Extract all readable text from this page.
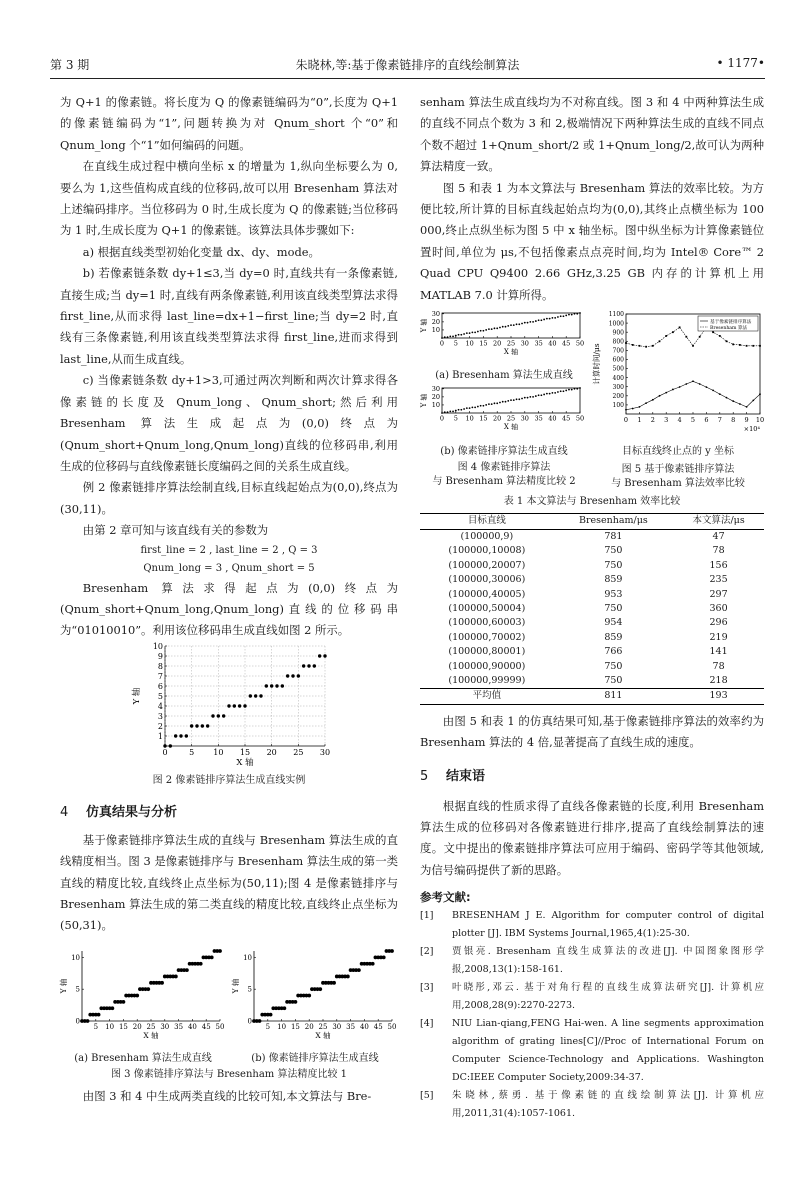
第 3 期	朱晓林,等:基于像素链排序的直线绘制算法	• 1177•

为 Q+1 的像素链。将长度为 Q 的像素链编码为“0”,长度为 Q+1 的像素链编码为“1”,问题转换为对 Qnum_short 个“0”和 Qnum_long 个“1”如何编码的问题。

在直线生成过程中横向坐标 x 的增量为 1,纵向坐标要么为 0,要么为 1,这些值构成直线的位移码,故可以用 Bresenham 算法对上述编码排序。当位移码为 0 时,生成长度为 Q 的像素链;当位移码为 1 时,生成长度为 Q+1 的像素链。该算法具体步骤如下:

a) 根据直线类型初始化变量 dx、dy、mode。

b) 若像素链条数 dy+1≤3,当 dy=0 时,直线共有一条像素链,直接生成;当 dy=1 时,直线有两条像素链,利用该直线类型算法求得 first_line,从而求得 last_line=dx+1−first_line;当 dy=2 时,直线有三条像素链,利用该直线类型算法求得 first_line,进而求得到 last_line,从而生成直线。

c) 当像素链条数 dy+1>3,可通过两次判断和两次计算求得各像素链的长度及 Qnum_long、Qnum_short;然后利用 Bresenham 算法生成起点为(0,0)终点为(Qnum_short+Qnum_long,Qnum_long)直线的位移码串,利用生成的位移码与直线像素链长度编码之间的关系生成直线。

例 2 像素链排序算法绘制直线,目标直线起始点为(0,0),终点为(30,11)。

由第 2 章可知与该直线有关的参数为

first_line = 2 , last_line = 2 , Q = 3

Qnum_long = 3 , Qnum_short = 5

Bresenham 算法求得起点为(0,0)终点为(Qnum_short+Qnum_long,Qnum_long)直线的位移码串为“01010010”。利用该位移码串生成直线如图 2 所示。

0	5 10 15 20 25 30
1
2
3
4
5
6
7
8
9
10
X 轴
Y 轴
图 2 像素链排序算法生成直线实例
4 仿真结果与分析

基于像素链排序算法生成的直线与 Bresenham 算法生成的直线精度相当。图 3 是像素链排序与 Bresenham 算法生成的第一类直线的精度比较,直线终止点坐标为(50,11);图 4 是像素链排序与 Bresenham 算法生成的第二类直线的精度比较,直线终止点坐标为(50,31)。

5 10 15 20 25 30 35 40 45 50
0
5
10
X 轴
Y 轴
(a) Bresenham 算法生成直线
5 10 15 20 25 30 35 40 45 50
0
5
10
X 轴
Y 轴
(b) 像素链排序算法生成直线
图 3 像素链排序算法与 Bresenham 算法精度比较 1

由图 3 和 4 中生成两类直线的比较可知,本文算法与 Bre-

senham 算法生成直线均为不对称直线。图 3 和 4 中两种算法生成的直线不同点个数为 3 和 2,极端情况下两种算法生成的直线不同点个数不超过 1+Qnum_short/2 或 1+Qnum_long/2,故可认为两种算法精度一致。

图 5 和表 1 为本文算法与 Bresenham 算法的效率比较。为方便比较,所计算的目标直线起始点均为(0,0),其终止点横坐标为 100 000,终止点纵坐标为图 5 中 x 轴坐标。图中纵坐标为计算像素链位置时间,单位为 μs,不包括像素点点亮时间,均为 Intel® Core™ 2 Quad CPU Q9400 2.66 GHz,3.25 GB 内存的计算机上用 MATLAB 7.0 计算所得。

0 5 10 15 20 25 30 35 40 45 50
10
20
30
X 轴
Y 轴
(a) Bresenham 算法生成直线
0 5 10 15 20 25 30 35 40 45 50
10
20
30
X 轴
Y 轴
(b) 像素链排序算法生成直线
图 4 像素链排序算法
与 Bresenham 算法精度比较 2
0 1 2 3 4 5 6 7 8 9 10
×10⁴
100
200
300
400
500
600
700
800
900
1000
1100
计算时间/μs
基于像素链排序算法
Bresenham 算法
目标直线终止点的 y 坐标
图 5 基于像素链排序算法
与 Bresenham 算法效率比较
表 1 本文算法与 Bresenham 效率比较
目标直线	Bresenham/μs	本文算法/μs
(100000,9)	781	47
(100000,10008)	750	78
(100000,20007)	750	156
(100000,30006)	859	235
(100000,40005)	953	297
(100000,50004)	750	360
(100000,60003)	954	296
(100000,70002)	859	219
(100000,80001)	766	141
(100000,90000)	750	78
(100000,99999)	750	218
平均值	811	193

由图 5 和表 1 的仿真结果可知,基于像素链排序算法的效率约为 Bresenham 算法的 4 倍,显著提高了直线生成的速度。

5 结束语

根据直线的性质求得了直线各像素链的长度,利用 Bresenham 算法生成的位移码对各像素链进行排序,提高了直线绘制算法的速度。文中提出的像素链排序算法可应用于编码、密码学等其他领域,为信号编码提供了新的思路。

参考文献:
[1]	BRESENHAM J E. Algorithm for computer control of digital plotter [J]. IBM Systems Journal,1965,4(1):25-30.
[2]	贾银亮. Bresenham 直线生成算法的改进[J]. 中国图象图形学报,2008,13(1):158-161.
[3]	叶晓彤,邓云. 基于对角行程的直线生成算法研究[J]. 计算机应用,2008,28(9):2270-2273.
[4]	NIU Lian-qiang,FENG Hai-wen. A line segments approximation algorithm of grating lines[C]//Proc of International Forum on Computer Science-Technology and Applications. Washington DC:IEEE Computer Society,2009:34-37.
[5]	朱晓林,蔡勇. 基于像素链的直线绘制算法[J]. 计算机应用,2011,31(4):1057-1061.
